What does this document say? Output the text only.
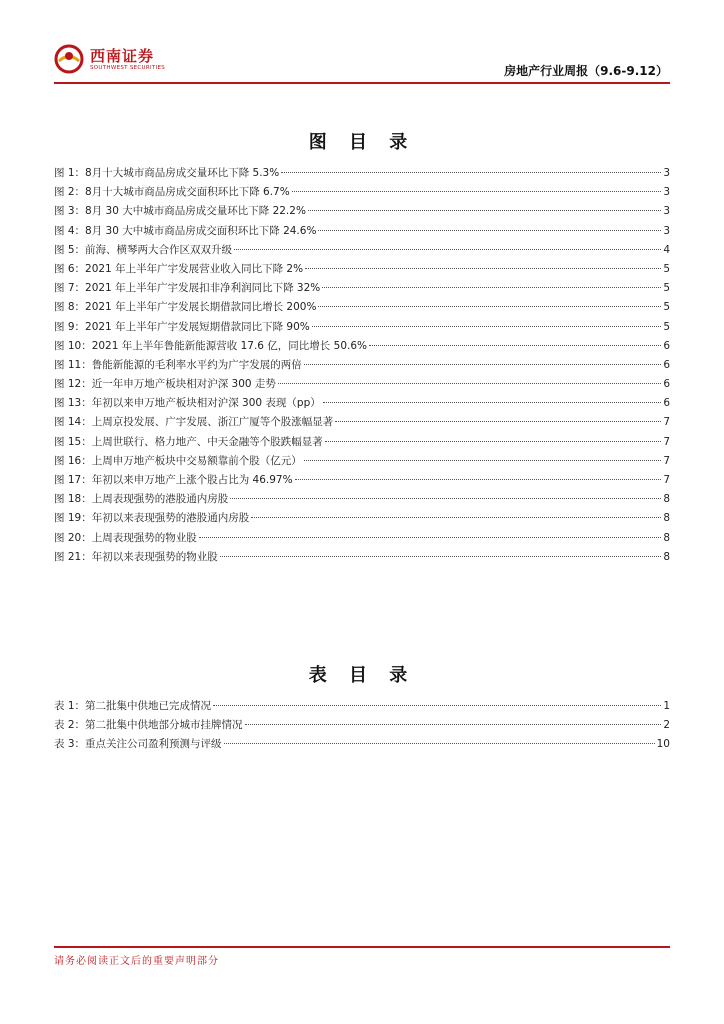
西南证券
SOUTHWEST SECURITIES	房地产行业周报（9.6-9.12）
图 目 录
图 1：8月十大城市商品房成交量环比下降 5.3%	3
图 2：8月十大城市商品房成交面积环比下降 6.7%	3
图 3：8月 30 大中城市商品房成交量环比下降 22.2%	3
图 4：8月 30 大中城市商品房成交面积环比下降 24.6%	3
图 5：前海、横琴两大合作区双双升级	4
图 6：2021 年上半年广宇发展营业收入同比下降 2%	5
图 7：2021 年上半年广宇发展扣非净利润同比下降 32%	5
图 8：2021 年上半年广宇发展长期借款同比增长 200%	5
图 9：2021 年上半年广宇发展短期借款同比下降 90%	5
图 10：2021 年上半年鲁能新能源营收 17.6 亿，同比增长 50.6%	6
图 11：鲁能新能源的毛利率水平约为广宇发展的两倍	6
图 12：近一年申万地产板块相对沪深 300 走势	6
图 13：年初以来申万地产板块相对沪深 300 表现（pp）	6
图 14：上周京投发展、广宇发展、浙江广厦等个股涨幅显著	7
图 15：上周世联行、格力地产、中天金融等个股跌幅显著	7
图 16：上周申万地产板块中交易额靠前个股（亿元）	7
图 17：年初以来申万地产上涨个股占比为 46.97%	7
图 18：上周表现强势的港股通内房股	8
图 19：年初以来表现强势的港股通内房股	8
图 20：上周表现强势的物业股	8
图 21：年初以来表现强势的物业股	8
表 目 录
表 1：第二批集中供地已完成情况	1
表 2：第二批集中供地部分城市挂牌情况	2
表 3：重点关注公司盈利预测与评级	10
请务必阅读正文后的重要声明部分
